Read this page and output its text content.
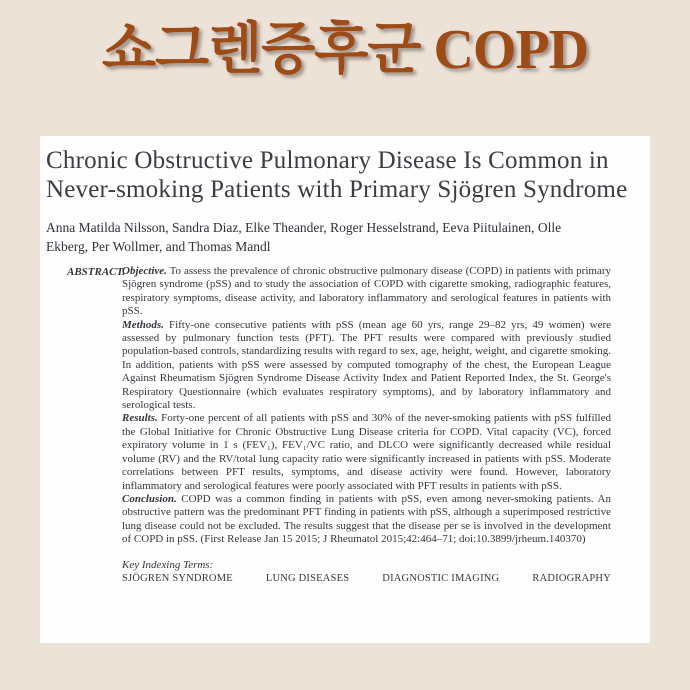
쇼그렌증후군 COPD
Chronic Obstructive Pulmonary Disease Is Common in Never-smoking Patients with Primary Sjögren Syndrome

Anna Matilda Nilsson, Sandra Diaz, Elke Theander, Roger Hesselstrand, Eeva Piitulainen, Olle Ekberg, Per Wollmer, and Thomas Mandl

ABSTRACT.

Objective. To assess the prevalence of chronic obstructive pulmonary disease (COPD) in patients with primary Sjögren syndrome (pSS) and to study the association of COPD with cigarette smoking, radiographic features, respiratory symptoms, disease activity, and laboratory inflammatory and serological features in patients with pSS.

Methods. Fifty-one consecutive patients with pSS (mean age 60 yrs, range 29–82 yrs, 49 women) were assessed by pulmonary function tests (PFT). The PFT results were compared with previously studied population-based controls, standardizing results with regard to sex, age, height, weight, and cigarette smoking. In addition, patients with pSS were assessed by computed tomography of the chest, the European League Against Rheumatism Sjögren Syndrome Disease Activity Index and Patient Reported Index, the St. George's Respiratory Questionnaire (which evaluates respiratory symptoms), and by laboratory inflammatory and serological tests.

Results. Forty-one percent of all patients with pSS and 30% of the never-smoking patients with pSS fulfilled the Global Initiative for Chronic Obstructive Lung Disease criteria for COPD. Vital capacity (VC), forced expiratory volume in 1 s (FEV₁), FEV₁/VC ratio, and DLCO were significantly decreased while residual volume (RV) and the RV/total lung capacity ratio were significantly increased in patients with pSS. Moderate correlations between PFT results, symptoms, and disease activity were found. However, laboratory inflammatory and serological features were poorly associated with PFT results in patients with pSS.

Conclusion. COPD was a common finding in patients with pSS, even among never-smoking patients. An obstructive pattern was the predominant PFT finding in patients with pSS, although a superimposed restrictive lung disease could not be excluded. The results suggest that the disease per se is involved in the development of COPD in pSS. (First Release Jan 15 2015; J Rheumatol 2015;42:464–71; doi:10.3899/jrheum.140370)

Key Indexing Terms:

SJÖGREN SYNDROME	LUNG DISEASES	DIAGNOSTIC IMAGING	RADIOGRAPHY
